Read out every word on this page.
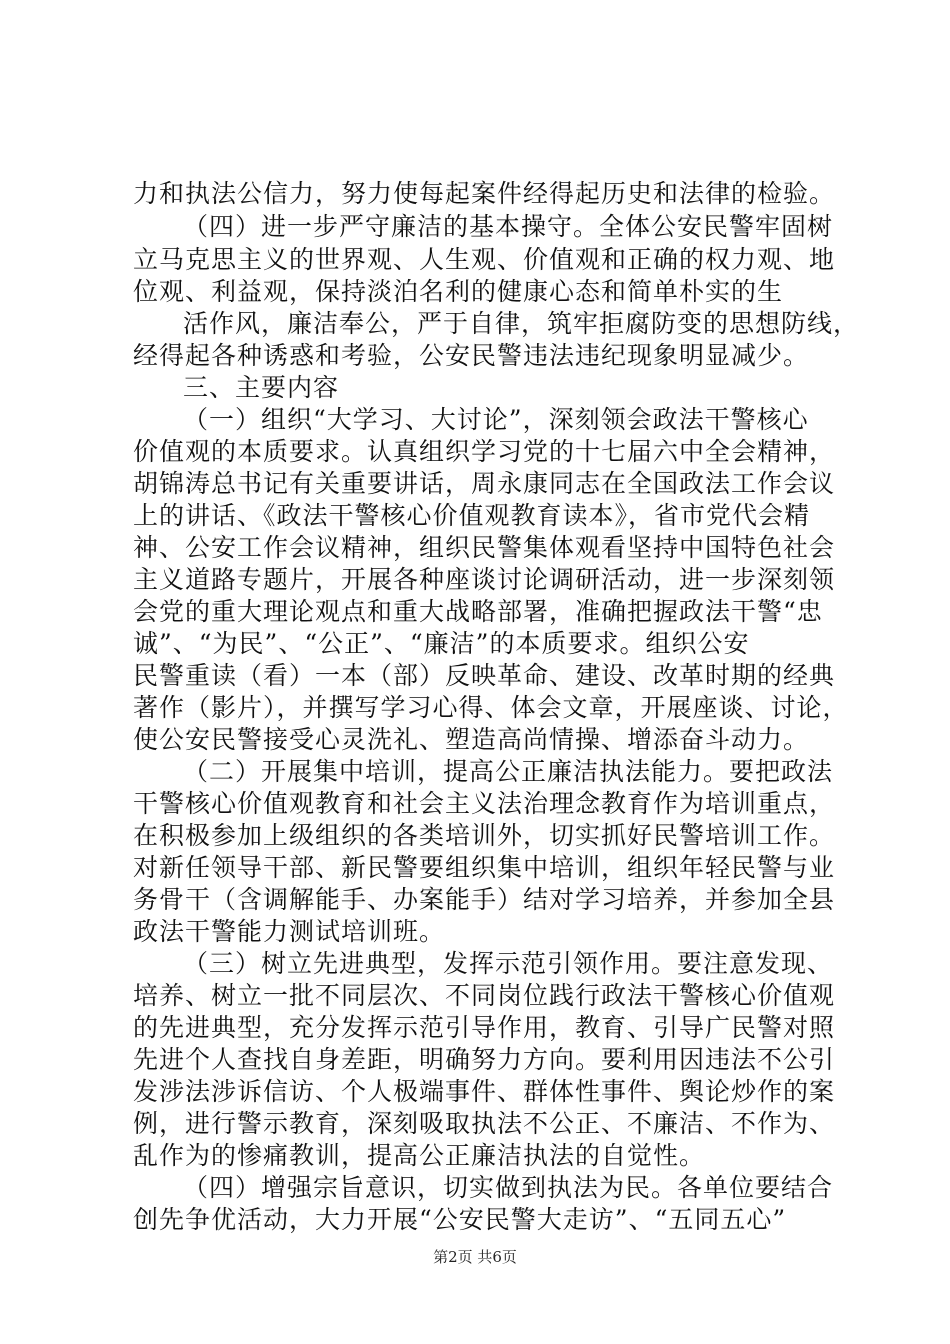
力和执法公信力，努力使每起案件经得起历史和法律的检验。
（四）进一步严守廉洁的基本操守。全体公安民警牢固树
立马克思主义的世界观、人生观、价值观和正确的权力观、地
位观、利益观，保持淡泊名利的健康心态和简单朴实的生
活作风，廉洁奉公，严于自律，筑牢拒腐防变的思想防线，
经得起各种诱惑和考验，公安民警违法违纪现象明显减少。
三、主要内容
（一）组织“大学习、大讨论”，深刻领会政法干警核心
价值观的本质要求。认真组织学习党的十七届六中全会精神，
胡锦涛总书记有关重要讲话，周永康同志在全国政法工作会议
上的讲话、《政法干警核心价值观教育读本》，省市党代会精
神、公安工作会议精神，组织民警集体观看坚持中国特色社会
主义道路专题片，开展各种座谈讨论调研活动，进一步深刻领
会党的重大理论观点和重大战略部署，准确把握政法干警“忠
诚”、“为民”、“公正”、“廉洁”的本质要求。组织公安
民警重读（看）一本（部）反映革命、建设、改革时期的经典
著作（影片），并撰写学习心得、体会文章，开展座谈、讨论，
使公安民警接受心灵洗礼、塑造高尚情操、增添奋斗动力。
（二）开展集中培训，提高公正廉洁执法能力。要把政法
干警核心价值观教育和社会主义法治理念教育作为培训重点，
在积极参加上级组织的各类培训外，切实抓好民警培训工作。
对新任领导干部、新民警要组织集中培训，组织年轻民警与业
务骨干（含调解能手、办案能手）结对学习培养，并参加全县
政法干警能力测试培训班。
（三）树立先进典型，发挥示范引领作用。要注意发现、
培养、树立一批不同层次、不同岗位践行政法干警核心价值观
的先进典型，充分发挥示范引导作用，教育、引导广民警对照
先进个人查找自身差距，明确努力方向。要利用因违法不公引
发涉法涉诉信访、个人极端事件、群体性事件、舆论炒作的案
例，进行警示教育，深刻吸取执法不公正、不廉洁、不作为、
乱作为的惨痛教训，提高公正廉洁执法的自觉性。
（四）增强宗旨意识，切实做到执法为民。各单位要结合
创先争优活动，大力开展“公安民警大走访”、“五同五心”
第2页 共6页
